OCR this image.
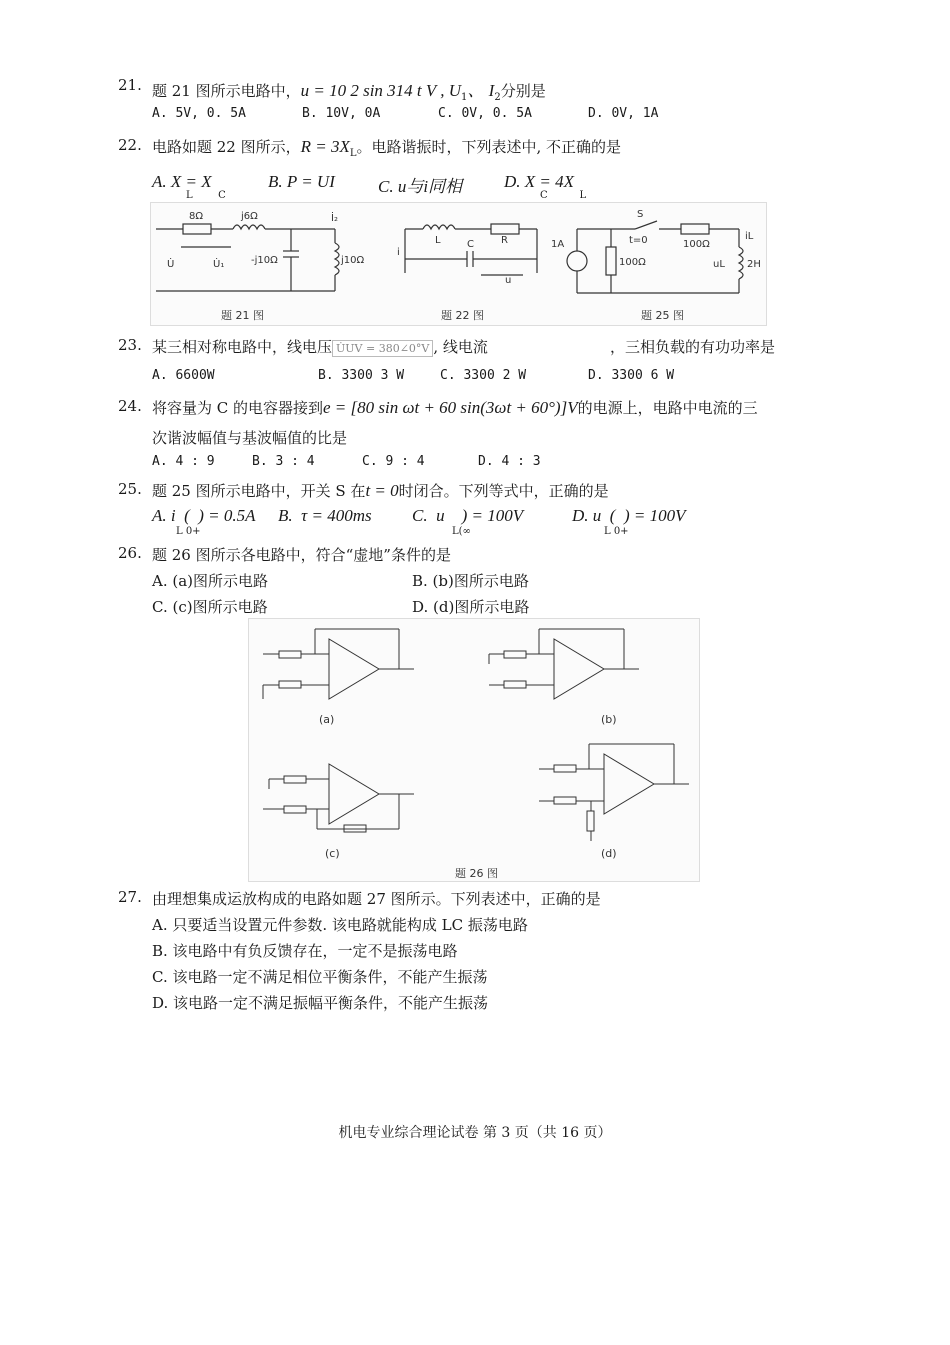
21. 题 21 图所示电路中，u = 10 2 sin 314 t V , $U_1$、 $I_2$分别是
A. 5V, 0. 5A	B. 10V, 0A	C. 0V, 0. 5A	D. 0V, 1A
22. 电路如题 22 图所示，$R = 3X_L$。电路谐振时，下列表述中, 不正确的是
A. X = X
L        C
B. P = UI	C. u与i同相 D. X = 4X
C          L
8Ω	j6Ω
-j10Ω	j10Ω
İ₂
U̇	U̇₁
L	R
C
i
u
1A
100Ω
S
t=0	100Ω
2H
iL
uL
题 21 图	题 22 图	题 25 图
23. 某三相对称电路中，线电压 U̇UV = 380∠0°V , 线电流	，三相负载的有功功率是
A. 6600W	B. 3300 3 W	C. 3300 2 W	D. 3300 6 W
24. 将容量为 C 的电容器接到e = [80 sin ωt + 60 sin(3ωt + 60°)]V的电源上，电路中电流的三
次谐波幅值与基波幅值的比是
A. 4 : 9	B. 3 : 4	C. 9 : 4	D. 4 : 3
25. 题 25 图所示电路中，开关 S 在t = 0时闭合。下列等式中，正确的是
A. i  (  ) = 0.5A
L 0+
B.  τ = 400ms C.  u    ) = 100V
L(∞
D. u  (  ) = 100V
L 0+
26. 题 26 图所示各电路中，符合“虚地”条件的是
A. (a)图所示电路	B. (b)图所示电路
C. (c)图所示电路	D. (d)图所示电路
(a)	(b)
(c)	(d)
题 26 图
27. 由理想集成运放构成的电路如题 27 图所示。下列表述中，正确的是
A. 只要适当设置元件参数. 该电路就能构成 LC 振荡电路
B. 该电路中有负反馈存在，一定不是振荡电路
C. 该电路一定不满足相位平衡条件，不能产生振荡
D. 该电路一定不满足振幅平衡条件，不能产生振荡
机电专业综合理论试卷 第 3 页（共 16 页）
